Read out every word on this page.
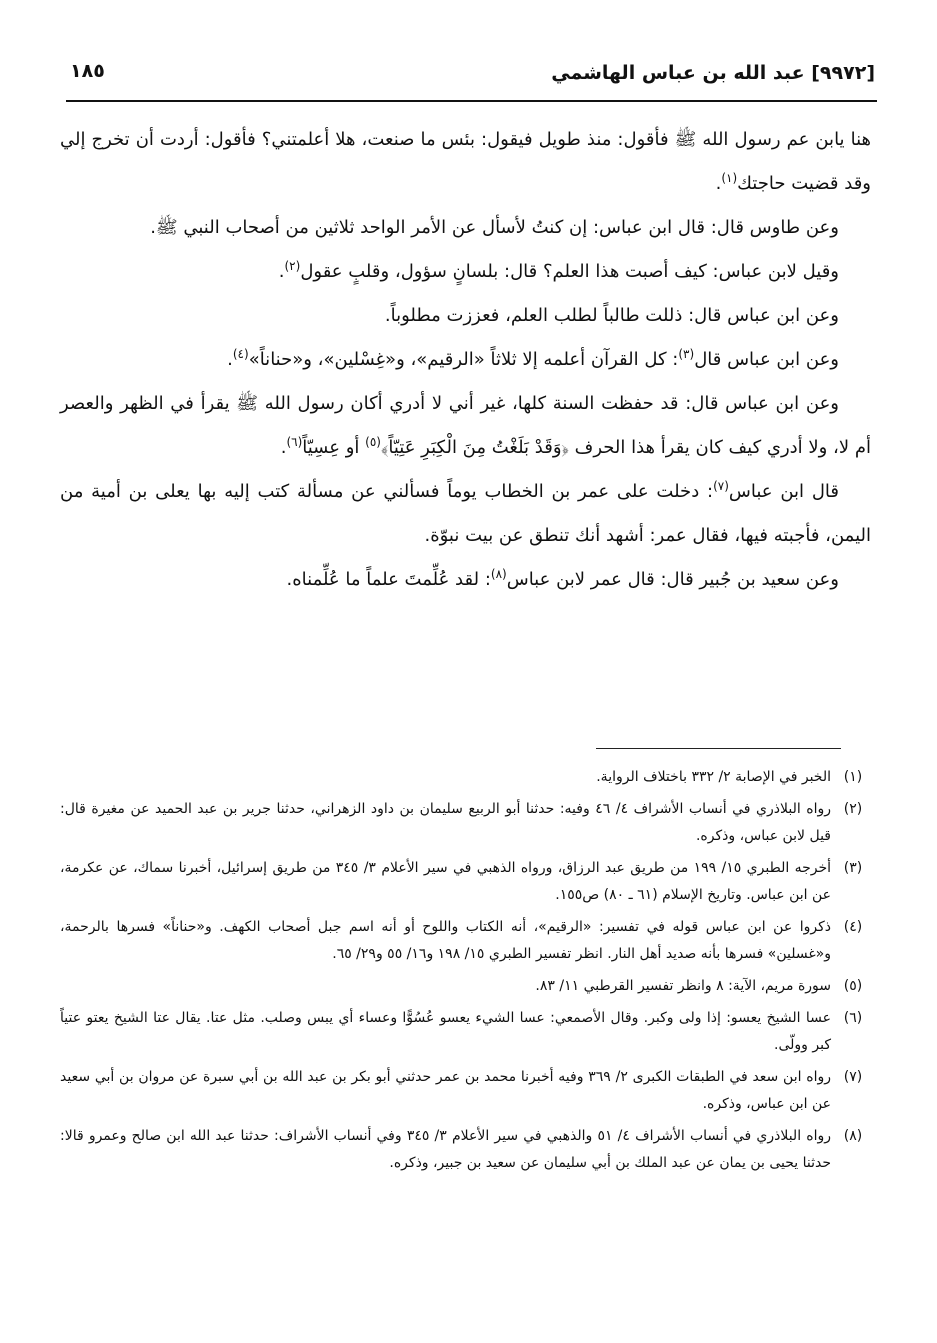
[٩٩٧٢] عبد الله بن عباس الهاشمي
١٨٥

هنا يابن عم رسول الله ﷺ فأقول: منذ طويل فيقول: بئس ما صنعت، هلا أعلمتني؟ فأقول: أردت أن تخرج إلي وقد قضيت حاجتك$^{(١)}$.

وعن طاوس قال: قال ابن عباس: إن كنتُ لأسأل عن الأمر الواحد ثلاثين من أصحاب النبي ﷺ.

وقيل لابن عباس: كيف أصبت هذا العلم؟ قال: بلسانٍ سؤول، وقلبٍ عقول$^{(٢)}$.

وعن ابن عباس قال: ذللت طالباً لطلب العلم، فعززت مطلوباً.

وعن ابن عباس قال$^{(٣)}$: كل القرآن أعلمه إلا ثلاثاً «الرقيم»، و«غِسْلين»، و«حناناً»$^{(٤)}$.

وعن ابن عباس قال: قد حفظت السنة كلها، غير أني لا أدري أكان رسول الله ﷺ يقرأ في الظهر والعصر أم لا، ولا أدري كيف كان يقرأ هذا الحرف ﴿وَقَدْ بَلَغْتُ مِنَ الْكِبَرِ عَتِيّاً﴾$^{(٥)}$ أو عِسِيّاً$^{(٦)}$.

قال ابن عباس$^{(٧)}$: دخلت على عمر بن الخطاب يوماً فسألني عن مسألة كتب إليه بها يعلى بن أمية من اليمن، فأجبته فيها، فقال عمر: أشهد أنك تنطق عن بيت نبوّة.

وعن سعيد بن جُبير قال: قال عمر لابن عباس$^{(٨)}$: لقد عُلِّمتَ علماً ما عُلِّمناه.

(١)
الخبر في الإصابة ٢/ ٣٣٢ باختلاف الرواية.

(٢)
رواه البلاذري في أنساب الأشراف ٤/ ٤٦ وفيه: حدثنا أبو الربيع سليمان بن داود الزهراني، حدثنا جرير بن عبد الحميد عن مغيرة قال: قيل لابن عباس، وذكره.

(٣)
أخرجه الطبري ١٥/ ١٩٩ من طريق عبد الرزاق، ورواه الذهبي في سير الأعلام ٣/ ٣٤٥ من طريق إسرائيل، أخبرنا سماك، عن عكرمة، عن ابن عباس. وتاريخ الإسلام (٦١ ـ ٨٠) ص١٥٥.

(٤)
ذكروا عن ابن عباس قوله في تفسير: «الرقيم»، أنه الكتاب واللوح أو أنه اسم جبل أصحاب الكهف. و«حناناً» فسرها بالرحمة، و«غسلين» فسرها بأنه صديد أهل النار. انظر تفسير الطبري ١٥/ ١٩٨ و١٦/ ٥٥ و٢٩/ ٦٥.

(٥)
سورة مريم، الآية: ٨ وانظر تفسير القرطبي ١١/ ٨٣.

(٦)
عسا الشيخ يعسو: إذا ولى وكبر. وقال الأصمعي: عسا الشيء يعسو عُسُوًّا وعساء أي يبس وصلب. مثل عتا. يقال عتا الشيخ يعتو عتياً كبر وولّى.

(٧)
رواه ابن سعد في الطبقات الكبرى ٢/ ٣٦٩ وفيه أخبرنا محمد بن عمر حدثني أبو بكر بن عبد الله بن أبي سبرة عن مروان بن أبي سعيد عن ابن عباس، وذكره.

(٨)
رواه البلاذري في أنساب الأشراف ٤/ ٥١ والذهبي في سير الأعلام ٣/ ٣٤٥ وفي أنساب الأشراف: حدثنا عبد الله ابن صالح وعمرو قالا: حدثنا يحيى بن يمان عن عبد الملك بن أبي سليمان عن سعيد بن جبير، وذكره.
